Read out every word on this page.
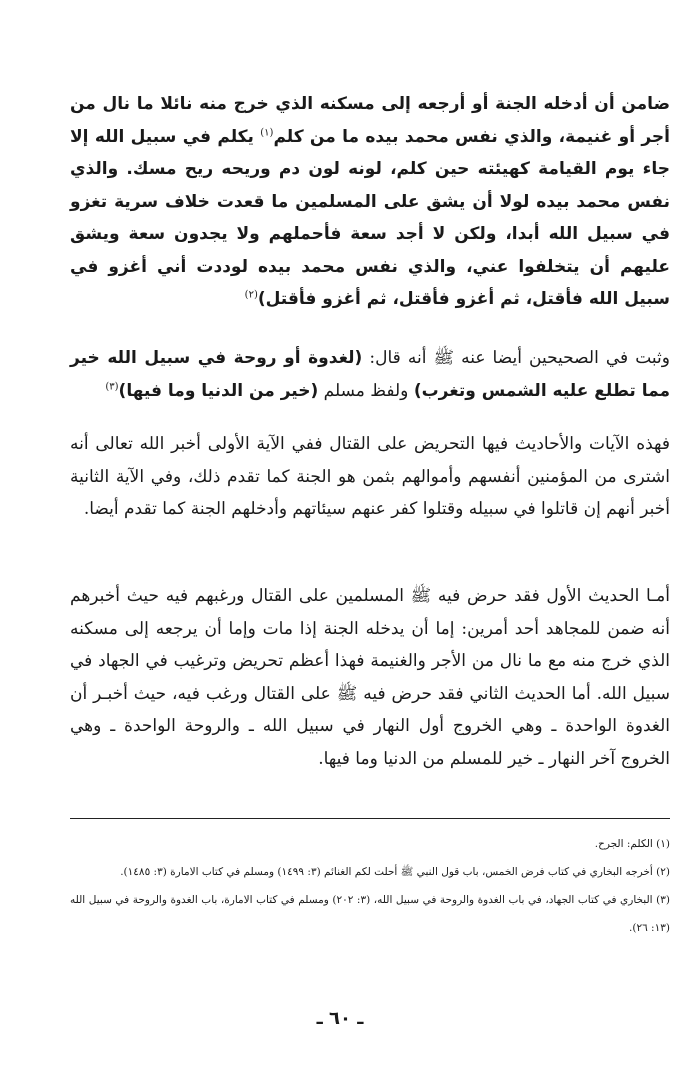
ضامن أن أدخله الجنة أو أرجعه إلى مسكنه الذي خرج منه نائلا ما نال من أجر أو غنيمة، والذي نفس محمد بيده ما من كلم$^{(١)}$ يكلم في سبيل الله إلا جاء يوم القيامة كهيئته حين كلم، لونه لون دم وريحه ريح مسك. والذي نفس محمد بيده لولا أن يشق على المسلمين ما قعدت خلاف سرية تغزو في سبيل الله أبدا، ولكن لا أجد سعة فأحملهم ولا يجدون سعة ويشق عليهم أن يتخلفوا عني، والذي نفس محمد بيده لوددت أني أغزو في سبيل الله فأقتل، ثم أغزو فأقتل، ثم أغزو فأقتل)$^{(٢)}$

وثبت في الصحيحين أيضا عنه ﷺ أنه قال: (لغدوة أو روحة في سبيل الله خير مما تطلع عليه الشمس وتغرب) ولفظ مسلم (خير من الدنيا وما فيها)$^{(٣)}$

فهذه الآيات والأحاديث فيها التحريض على القتال ففي الآية الأولى أخبر الله تعالى أنه اشترى من المؤمنين أنفسهم وأموالهم بثمن هو الجنة كما تقدم ذلك، وفي الآية الثانية أخبر أنهم إن قاتلوا في سبيله وقتلوا كفر عنهم سيئاتهم وأدخلهم الجنة كما تقدم أيضا.

أمـا الحديث الأول فقد حرض فيه ﷺ المسلمين على القتال ورغبهم فيه حيث أخبرهم أنه ضمن للمجاهد أحد أمرين: إما أن يدخله الجنة إذا مات وإما أن يرجعه إلى مسكنه الذي خرج منه مع ما نال من الأجر والغنيمة فهذا أعظم تحريض وترغيب في الجهاد في سبيل الله. أما الحديث الثاني فقد حرض فيه ﷺ على القتال ورغب فيه، حيث أخبـر أن الغدوة الواحدة ـ وهي الخروج أول النهار في سبيل الله ـ والروحة الواحدة ـ وهي الخروج آخر النهار ـ خير للمسلم من الدنيا وما فيها.

(١) الكلم: الجرح.

(٢) أخرجه البخاري في كتاب فرض الخمس، باب قول النبي ﷺ أحلت لكم الغنائم (٣: ١٤٩٩) ومسلم في كتاب الامارة (٣: ١٤٨٥).

(٣) البخاري في كتاب الجهاد، في باب الغدوة والروحة في سبيل الله، (٣: ٢٠٢) ومسلم في كتاب الامارة، باب الغدوة والروحة في سبيل الله (١٣: ٢٦).

ـ ٦٠ ـ
